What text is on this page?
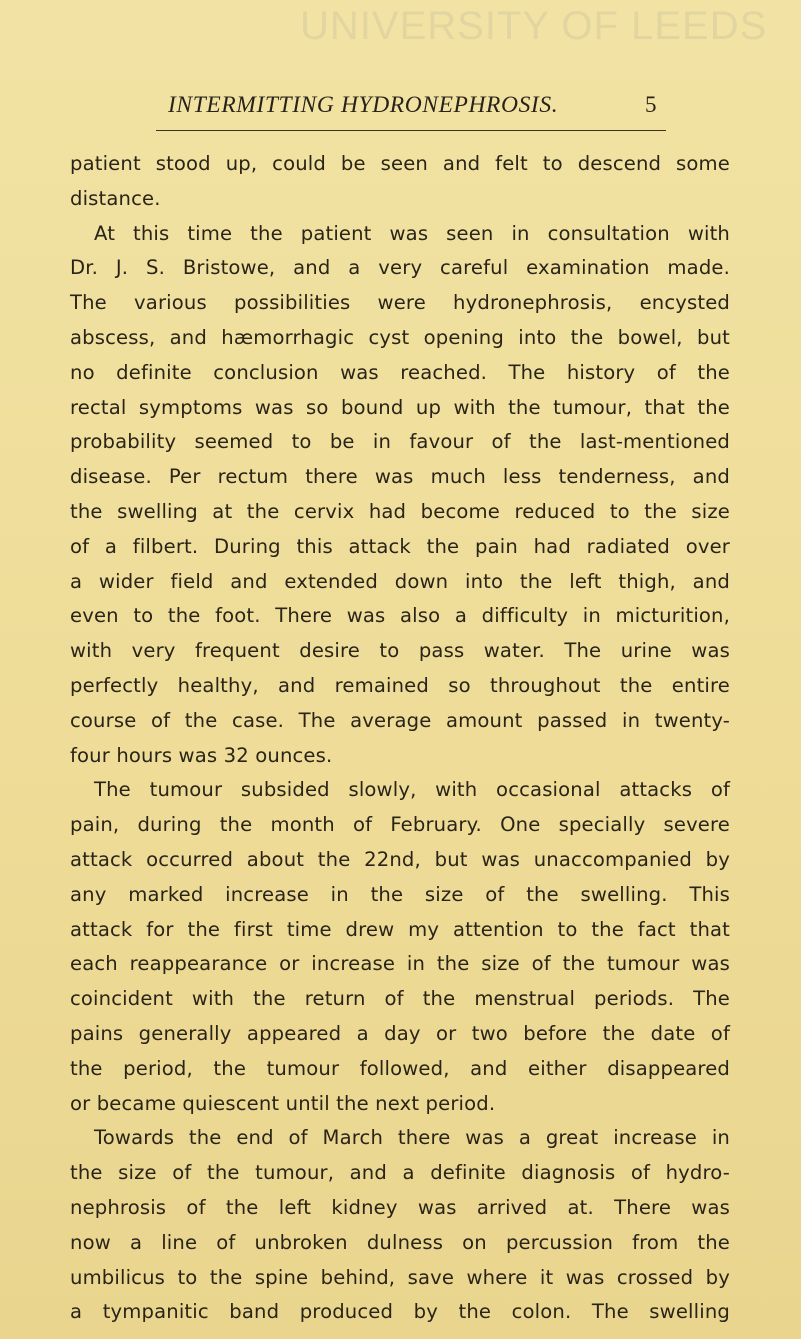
UNIVERSITY OF LEEDS
INTERMITTING HYDRONEPHROSIS.	5
patient stood up, could be seen and felt to descend some
distance.
At this time the patient was seen in consultation with
Dr. J. S. Bristowe, and a very careful examination made.
The various possibilities were hydronephrosis, encysted
abscess, and hæmorrhagic cyst opening into the bowel, but
no definite conclusion was reached. The history of the
rectal symptoms was so bound up with the tumour, that the
probability seemed to be in favour of the last-mentioned
disease. Per rectum there was much less tenderness, and
the swelling at the cervix had become reduced to the size
of a filbert. During this attack the pain had radiated over
a wider field and extended down into the left thigh, and
even to the foot. There was also a difficulty in micturition,
with very frequent desire to pass water. The urine was
perfectly healthy, and remained so throughout the entire
course of the case. The average amount passed in twenty-
four hours was 32 ounces.
The tumour subsided slowly, with occasional attacks of
pain, during the month of February. One specially severe
attack occurred about the 22nd, but was unaccompanied by
any marked increase in the size of the swelling. This
attack for the first time drew my attention to the fact that
each reappearance or increase in the size of the tumour was
coincident with the return of the menstrual periods. The
pains generally appeared a day or two before the date of
the period, the tumour followed, and either disappeared
or became quiescent until the next period.
Towards the end of March there was a great increase in
the size of the tumour, and a definite diagnosis of hydro-
nephrosis of the left kidney was arrived at. There was
now a line of unbroken dulness on percussion from the
umbilicus to the spine behind, save where it was crossed by
a tympanitic band produced by the colon. The swelling
